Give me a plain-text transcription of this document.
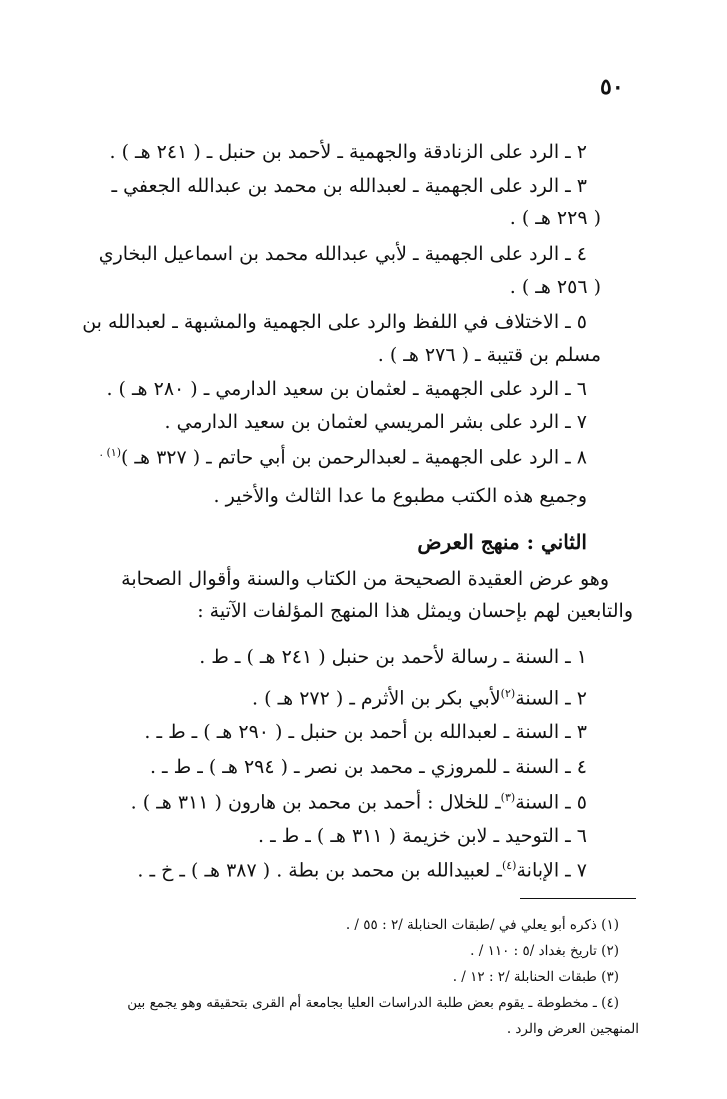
٥٠
٢ ـ الرد على الزنادقة والجهمية ـ لأحمد بن حنبل ـ ( ٢٤١ هـ ) .
٣ ـ الرد على الجهمية ـ لعبدالله بن محمد بن عبدالله الجعفي ـ
( ٢٢٩ هـ ) .
٤ ـ الرد على الجهمية ـ لأبي عبدالله محمد بن اسماعيل البخاري
( ٢٥٦ هـ ) .
٥ ـ الاختلاف في اللفظ والرد على الجهمية والمشبهة ـ لعبدالله بن
مسلم بن قتيبة ـ ( ٢٧٦ هـ ) .
٦ ـ الرد على الجهمية ـ لعثمان بن سعيد الدارمي ـ ( ٢٨٠ هـ ) .
٧ ـ الرد على بشر المريسي لعثمان بن سعيد الدارمي .
٨ ـ الرد على الجهمية ـ لعبدالرحمن بن أبي حاتم ـ ( ٣٢٧ هـ )$^{(١) .}$
وجميع هذه الكتب مطبوع ما عدا الثالث والأخير .
الثاني : منهج العرض
وهو عرض العقيدة الصحيحة من الكتاب والسنة وأقوال الصحابة
والتابعين لهم بإحسان ويمثل هذا المنهج المؤلفات الآتية :
١ ـ السنة ـ رسالة لأحمد بن حنبل ( ٢٤١ هـ ) ـ ط .
٢ ـ السنة$^{(٢)}$لأبي بكر بن الأثرم ـ ( ٢٧٢ هـ ) .
٣ ـ السنة ـ لعبدالله بن أحمد بن حنبل ـ ( ٢٩٠ هـ ) ـ ط ـ .
٤ ـ السنة ـ للمروزي ـ محمد بن نصر ـ ( ٢٩٤ هـ ) ـ ط ـ .
٥ ـ السنة$^{(٣)}$ـ للخلال : أحمد بن محمد بن هارون ( ٣١١ هـ ) .
٦ ـ التوحيد ـ لابن خزيمة ( ٣١١ هـ ) ـ ط ـ .
٧ ـ الإبانة$^{(٤)}$ـ لعبيدالله بن محمد بن بطة . ( ٣٨٧ هـ ) ـ خ ـ .
(١) ذكره أبو يعلي في /طبقات الحنابلة /٢ : ٥٥ / .
(٢) تاريخ بغداد /٥ : ١١٠ / .
(٣) طبقات الحنابلة /٢ : ١٢ / .
(٤) ـ مخطوطة ـ يقوم بعض طلبة الدراسات العليا بجامعة أم القرى بتحقيقه وهو يجمع بين
المنهجين العرض والرد .
